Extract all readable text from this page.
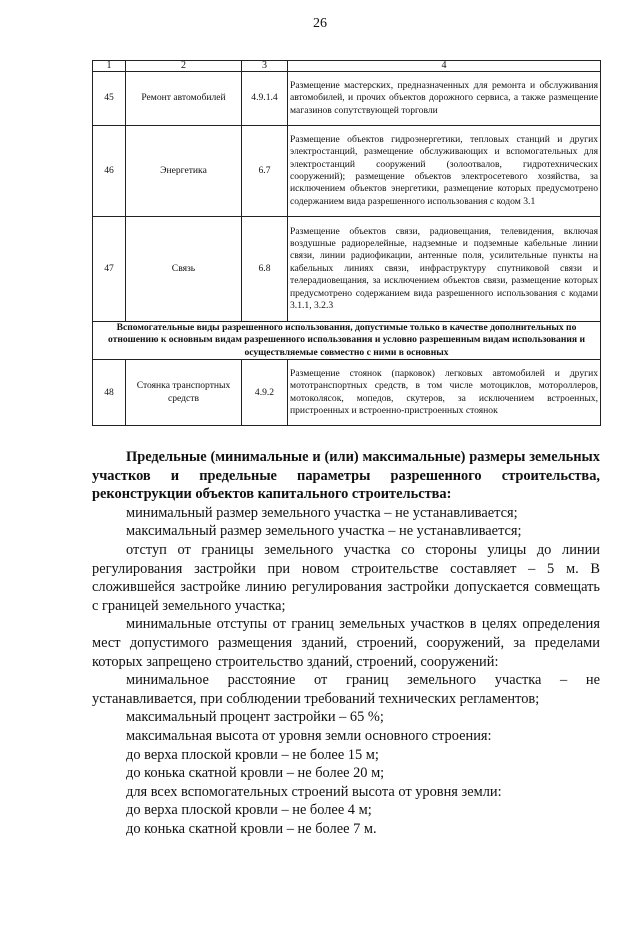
26
1	2	3	4
45	Ремонт автомобилей	4.9.1.4	Размещение мастерских, предназначенных для ремонта и обслуживания автомобилей, и прочих объектов дорожного сервиса, а также размещение магазинов сопутствующей торговли
46	Энергетика	6.7	Размещение объектов гидроэнергетики, тепловых станций и других электростанций, размещение обслуживающих и вспомогательных для электростанций сооружений (золоотвалов, гидротехнических сооружений); размещение объектов электросетевого хозяйства, за исключением объектов энергетики, размещение которых предусмотрено содержанием вида разрешенного использования с кодом 3.1
47	Связь	6.8	Размещение объектов связи, радиовещания, телевидения, включая воздушные радиорелейные, надземные и подземные кабельные линии связи, линии радиофикации, антенные поля, усилительные пункты на кабельных линиях связи, инфраструктуру спутниковой связи и телерадиовещания, за исключением объектов связи, размещение которых предусмотрено содержанием вида разрешенного использования с кодами 3.1.1, 3.2.3
Вспомогательные виды разрешенного использования, допустимые только в качестве дополнительных по отношению к основным видам разрешенного использования и условно разрешенным видам использования и осуществляемые совместно с ними в основных			
48	Стоянка транспортных средств	4.9.2	Размещение стоянок (парковок) легковых автомобилей и других мототранспортных средств, в том числе мотоциклов, мотороллеров, мотоколясок, мопедов, скутеров, за исключением встроенных, пристроенных и встроенно-пристроенных стоянок

Предельные (минимальные и (или) максимальные) размеры земельных участков и предельные параметры разрешенного строительства, реконструкции объектов капитального строительства:

минимальный размер земельного участка – не устанавливается;

максимальный размер земельного участка – не устанавливается;

отступ от границы земельного участка со стороны улицы до линии регулирования застройки при новом строительстве составляет – 5 м. В сложившейся застройке линию регулирования застройки допускается совмещать с границей земельного участка;

минимальные отступы от границ земельных участков в целях определения мест допустимого размещения зданий, строений, сооружений, за пределами которых запрещено строительство зданий, строений, сооружений:

минимальное расстояние от границ земельного участка – не устанавливается, при соблюдении требований технических регламентов;

максимальный процент застройки – 65 %;

максимальная высота от уровня земли основного строения:

до верха плоской кровли – не более 15 м;

до конька скатной кровли – не более 20 м;

для всех вспомогательных строений высота от уровня земли:

до верха плоской кровли – не более 4 м;

до конька скатной кровли – не более 7 м.
